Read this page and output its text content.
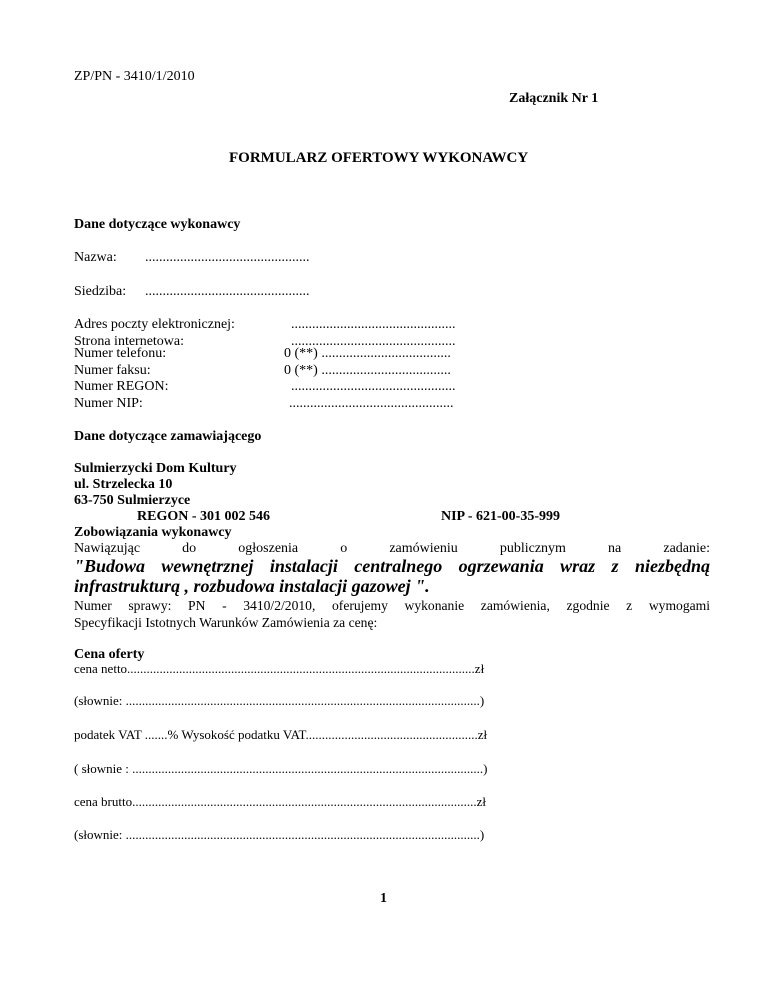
ZP/PN - 3410/1/2010
Załącznik Nr 1
FORMULARZ OFERTOWY WYKONAWCY
Dane dotyczące wykonawcy
Nazwa: ...............................................
Siedziba: ...............................................
Adres poczty elektronicznej:	...............................................
Strona internetowa:	...............................................
Numer telefonu:	0 (**) .....................................
Numer faksu:	0 (**) .....................................
Numer REGON:	...............................................
Numer NIP:	...............................................
Dane dotyczące zamawiającego
Sulmierzycki Dom Kultury
ul. Strzelecka 10
63-750 Sulmierzyce
REGON - 301 002 546	NIP - 621-00-35-999
Zobowiązania wykonawcy
Nawiązując	do	ogłoszenia	o	zamówieniu	publicznym	na	zadanie:
"Budowa wewnętrznej instalacji centralnego ogrzewania wraz z niezbędną
infrastrukturą , rozbudowa instalacji gazowej ".
Numer sprawy: PN - 3410/2/2010, oferujemy wykonanie zamówienia, zgodnie z wymogami
Specyfikacji Istotnych Warunków Zamówienia za cenę:
Cena oferty
cena netto...........................................................................................................zł
(słownie: .............................................................................................................)
podatek VAT .......% Wysokość podatku VAT.....................................................zł
( słownie : ............................................................................................................)
cena brutto..........................................................................................................zł
(słownie: .............................................................................................................)
1
